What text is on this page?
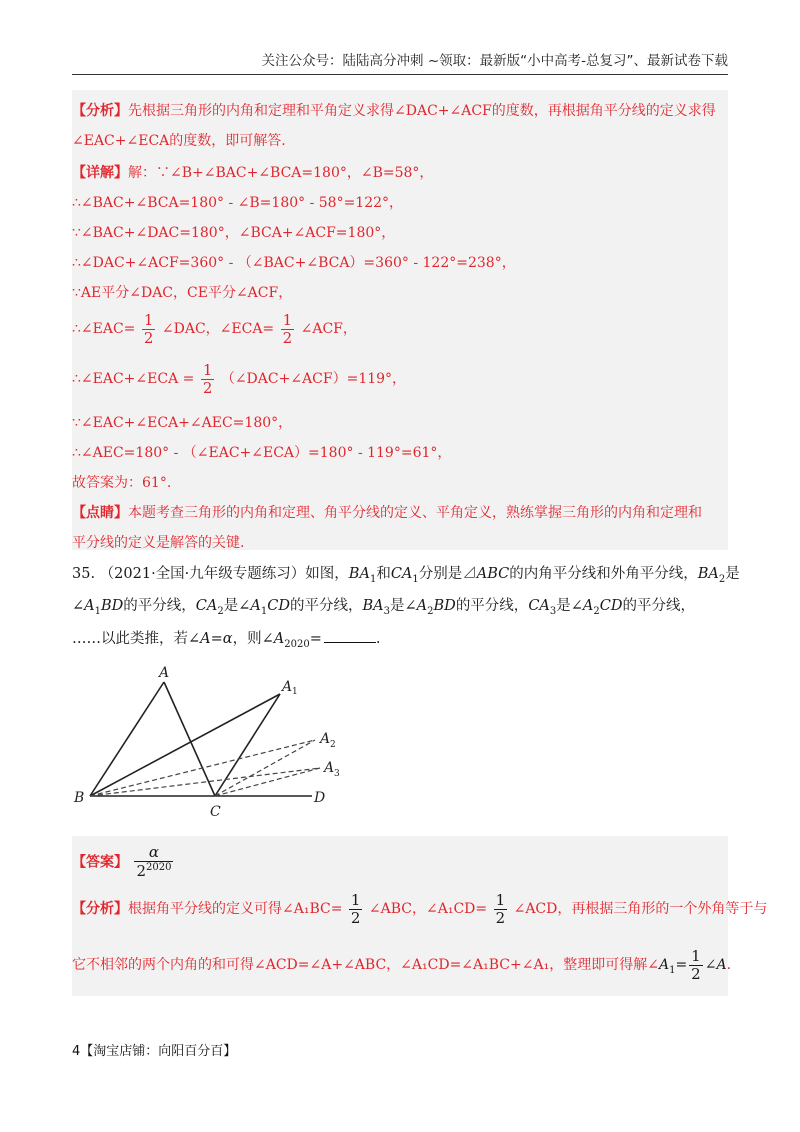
关注公众号：陆陆高分冲刺 ~领取：最新版“小中高考-总复习”、最新试卷下载
【分析】先根据三角形的内角和定理和平角定义求得∠DAC+∠ACF的度数，再根据角平分线的定义求得
∠EAC+∠ECA的度数，即可解答.
【详解】解：∵∠B+∠BAC+∠BCA=180°，∠B=58°，
∴∠BAC+∠BCA=180° - ∠B=180° - 58°=122°，
∵∠BAC+∠DAC=180°，∠BCA+∠ACF=180°，
∴∠DAC+∠ACF=360° - （∠BAC+∠BCA）=360° - 122°=238°，
∵AE平分∠DAC，CE平分∠ACF，
∴∠EAC= $\frac{1}{2}$ ∠DAC，∠ECA= $\frac{1}{2}$ ∠ACF，
∴∠EAC+∠ECA = $\frac{1}{2}$ （∠DAC+∠ACF）=119°，
∵∠EAC+∠ECA+∠AEC=180°，
∴∠AEC=180° - （∠EAC+∠ECA）=180° - 119°=61°，
故答案为：61°.
【点睛】本题考查三角形的内角和定理、角平分线的定义、平角定义，熟练掌握三角形的内角和定理和
平分线的定义是解答的关键.
35. （2021·全国·九年级专题练习）如图，$BA_1$和$CA_1$分别是⊿ABC的内角平分线和外角平分线，$BA_2$是
$\angle A_1BD$的平分线，$CA_2$是$\angle A_1CD$的平分线，$BA_3$是$\angle A_2BD$的平分线，$CA_3$是$\angle A_2CD$的平分线，
……以此类推，若∠A=α，则$\angle A_{2020}=$	.
A
A 1
A 2
A 3
B
C
D
【答案】 $\frac{\alpha}{2^{2020}}$
【分析】根据角平分线的定义可得∠A₁BC= $\frac{1}{2}$ ∠ABC，∠A₁CD= $\frac{1}{2}$ ∠ACD，再根据三角形的一个外角等于与
它不相邻的两个内角的和可得∠ACD=∠A+∠ABC，∠A₁CD=∠A₁BC+∠A₁，整理即可得解$\angle A_1= \frac{1}{2}$ ∠A.
4【淘宝店铺：向阳百分百】
